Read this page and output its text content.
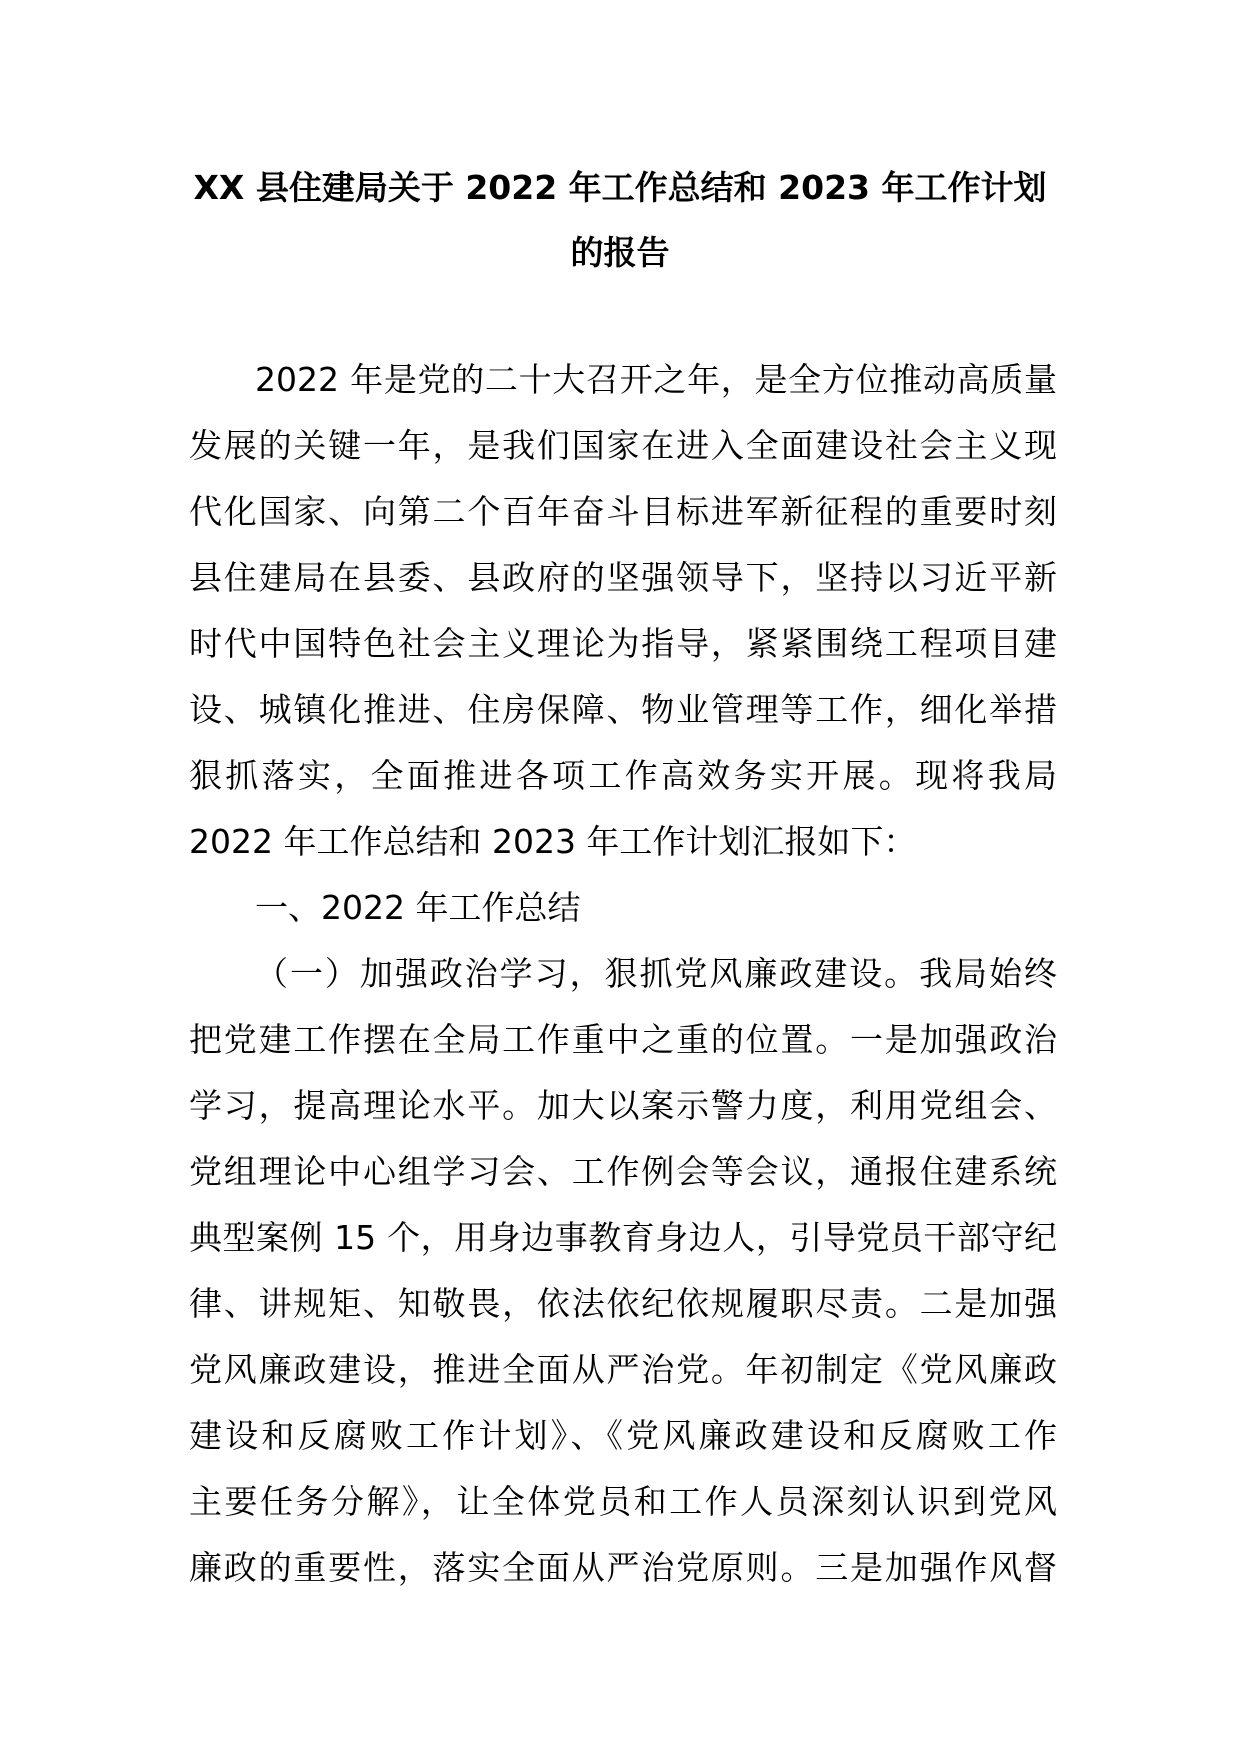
XX 县住建局关于 2022 年工作总结和 2023 年工作计划
的报告
2022 年是党的二十大召开之年，是全方位推动高质量
发展的关键一年，是我们国家在进入全面建设社会主义现
代化国家、向第二个百年奋斗目标进军新征程的重要时刻
县住建局在县委、县政府的坚强领导下，坚持以习近平新
时代中国特色社会主义理论为指导，紧紧围绕工程项目建
设、城镇化推进、住房保障、物业管理等工作，细化举措
狠抓落实，全面推进各项工作高效务实开展。现将我局
2022 年工作总结和 2023 年工作计划汇报如下：
一、2022 年工作总结
（一）加强政治学习，狠抓党风廉政建设。我局始终
把党建工作摆在全局工作重中之重的位置。一是加强政治
学习，提高理论水平。加大以案示警力度，利用党组会、
党组理论中心组学习会、工作例会等会议，通报住建系统
典型案例 15 个，用身边事教育身边人，引导党员干部守纪
律、讲规矩、知敬畏，依法依纪依规履职尽责。二是加强
党风廉政建设，推进全面从严治党。年初制定《党风廉政
建设和反腐败工作计划》、《党风廉政建设和反腐败工作
主要任务分解》，让全体党员和工作人员深刻认识到党风
廉政的重要性，落实全面从严治党原则。三是加强作风督
